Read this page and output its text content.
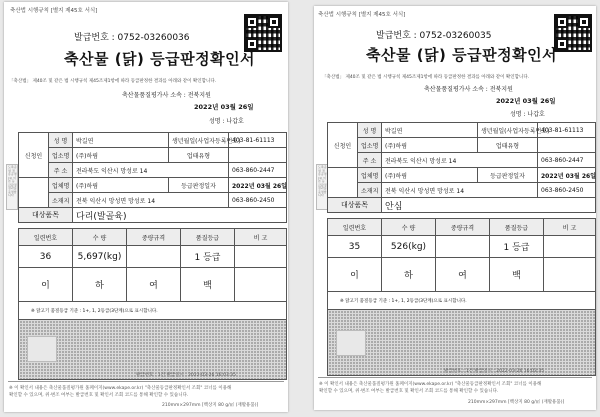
축산법 시행규칙 [별지 제45호 서식]
발급번호 : 0752-03260036
축산물 (닭) 등급판정확인서
「축산법」 제40조 및 같은 법 시행규칙 제45조제1항에 따라 등급판정한 결과를 아래와 같이 확인합니다.
축산물품질평가사 소속 : 전북지원
2022년 03월 26일
성명 : 나갑호
도축증명 경유증명(1) 이 본 등급판정 결과를 증명합니다
신청인	성 명	박길연	생년월일(사업자등록번호)	403-81-61113
	업소명	(주)하림	업태유형	
	주 소	전라북도 익산시 망성로 14		063-860-2447
	업체명	(주)하림	등급판정일자	2022년 03월 26일
	소재지	전북 익산시 망성면 망성로 14		063-860-2450
대상품목		다리(발골육)		
일련번호	수 량	중량규격	품질등급	비 고
36	5,697(kg)		1 등급	
이	하	여	백	
※ 닭고기 품질등급 기준 : 1+, 1, 2등급(3단계)으로 표시합니다.				

발급번호 : 1건 발급일시 : 2022-03-26 16:03:35
※ 이 확인서 내용은 축산물품질평가원 홈페이지(www.ekape.or.kr) "축산물등급판정확인서 조회" 코너를 이용해
확인할 수 있으며, 위·변조 여부는 발급번호 및 확인서 조회 코드를 통해 확인할 수 있습니다.
210mm×297mm [백상지 80 g/㎡ (재활용품)]
축산법 시행규칙 [별지 제45호 서식]
발급번호 : 0752-03260035
축산물 (닭) 등급판정확인서
「축산법」 제40조 및 같은 법 시행규칙 제45조제1항에 따라 등급판정한 결과를 아래와 같이 확인합니다.
축산물품질평가사 소속 : 전북지원
2022년 03월 26일
성명 : 나갑호
도축증명 경유증명(1) 이 본 등급판정 결과를 증명합니다
신청인	성 명	박길연	생년월일(사업자등록번호)	403-81-61113
	업소명	(주)하림	업태유형	
	주 소	전라북도 익산시 망성로 14		063-860-2447
	업체명	(주)하림	등급판정일자	2022년 03월 26일
	소재지	전북 익산시 망성면 망성로 14		063-860-2450
대상품목		안심		
일련번호	수 량	중량규격	품질등급	비 고
35	526(kg)		1 등급	
이	하	여	백	
※ 닭고기 품질등급 기준 : 1+, 1, 2등급(3단계)으로 표시합니다.				

발급번호 : 1건 발급일시 : 2022-03-26 16:03:35
※ 이 확인서 내용은 축산물품질평가원 홈페이지(www.ekape.or.kr) "축산물등급판정확인서 조회" 코너를 이용해
확인할 수 있으며, 위·변조 여부는 발급번호 및 확인서 조회 코드를 통해 확인할 수 있습니다.
210mm×297mm [백상지 80 g/㎡ (재활용품)]
